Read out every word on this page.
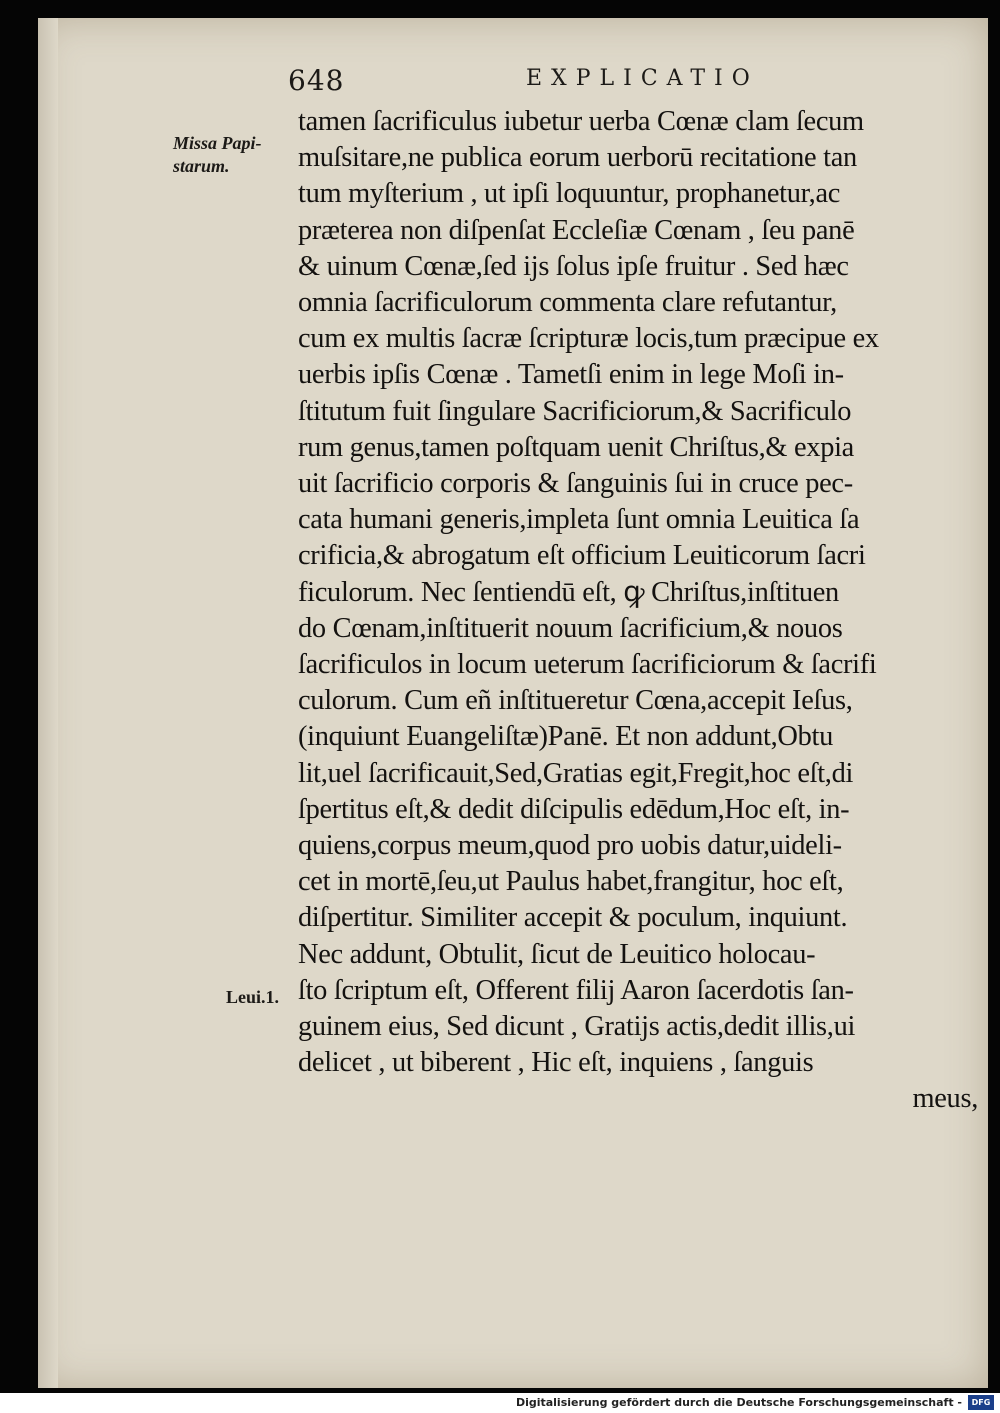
648	EXPLICATIO
Missa Papi- starum.
Leui.1.
tamen ſacrificulus iubetur uerba Cœnæ clam ſecum
muſsitare,ne publica eorum uerborū recitatione tan
tum myſterium , ut ipſi loquuntur, prophanetur,ac
præterea non diſpenſat Eccleſiæ Cœnam , ſeu panē
& uinum Cœnæ,ſed ijs ſolus ipſe fruitur . Sed hæc
omnia ſacrificulorum commenta clare refutantur,
cum ex multis ſacræ ſcripturæ locis,tum præcipue ex
uerbis ipſis Cœnæ . Tametſi enim in lege Moſi in-
ſtitutum fuit ſingulare Sacrificiorum,& Sacrificulo
rum genus,tamen poſtquam uenit Chriſtus,& expia
uit ſacrificio corporis & ſanguinis ſui in cruce pec-
cata humani generis,impleta ſunt omnia Leuitica ſa
crificia,& abrogatum eſt officium Leuiticorum ſacri
ficulorum. Nec ſentiendū eſt, ꝙ Chriſtus,inſtituen
do Cœnam,inſtituerit nouum ſacrificium,& nouos
ſacrificulos in locum ueterum ſacrificiorum & ſacrifi
culorum. Cum eñ inſtitueretur Cœna,accepit Ieſus,
(inquiunt Euangeliſtæ)Panē. Et non addunt,Obtu
lit,uel ſacrificauit,Sed,Gratias egit,Fregit,hoc eſt,di
ſpertitus eſt,& dedit diſcipulis edēdum,Hoc eſt, in-
quiens,corpus meum,quod pro uobis datur,uideli-
cet in mortē,ſeu,ut Paulus habet,frangitur, hoc eſt,
diſpertitur. Similiter accepit & poculum, inquiunt.
Nec addunt, Obtulit, ſicut de Leuitico holocau-
ſto ſcriptum eſt, Offerent filij Aaron ſacerdotis ſan-
guinem eius, Sed dicunt , Gratijs actis,dedit illis,ui
delicet , ut biberent , Hic eſt, inquiens , ſanguis
meus,
Digitalisierung gefördert durch die Deutsche Forschungsgemeinschaft -	DFG
